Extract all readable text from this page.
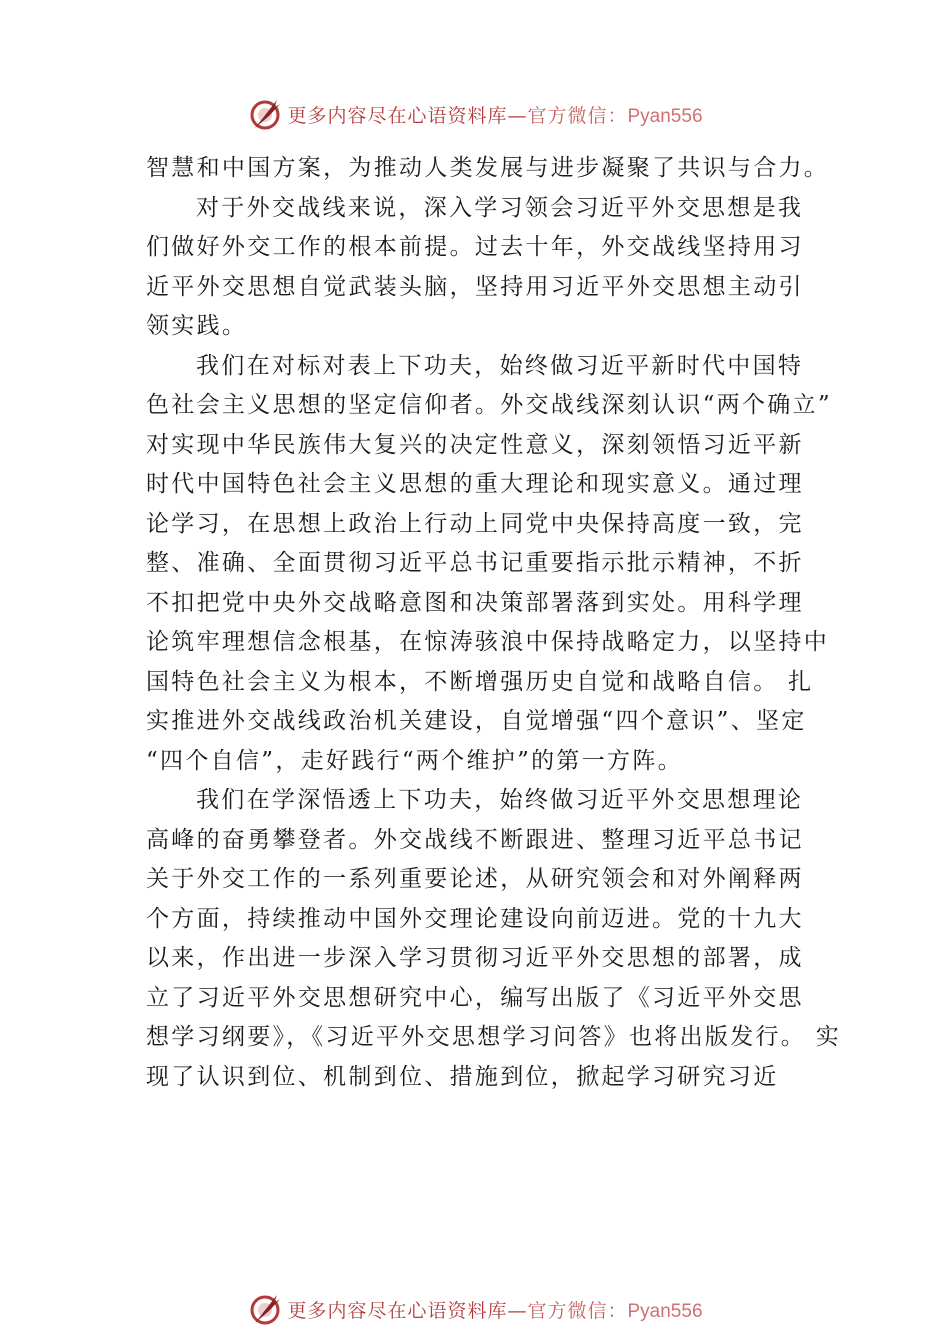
更多内容尽在心语资料库—官方微信：Pyan556
智慧和中国方案，为推动人类发展与进步凝聚了共识与合力。
对于外交战线来说，深入学习领会习近平外交思想是我
们做好外交工作的根本前提。过去十年，外交战线坚持用习
近平外交思想自觉武装头脑，坚持用习近平外交思想主动引
领实践。
我们在对标对表上下功夫，始终做习近平新时代中国特
色社会主义思想的坚定信仰者。外交战线深刻认识“两个确立”
对实现中华民族伟大复兴的决定性意义，深刻领悟习近平新
时代中国特色社会主义思想的重大理论和现实意义。通过理
论学习，在思想上政治上行动上同党中央保持高度一致，完
整、准确、全面贯彻习近平总书记重要指示批示精神，不折
不扣把党中央外交战略意图和决策部署落到实处。用科学理
论筑牢理想信念根基，在惊涛骇浪中保持战略定力，以坚持中
国特色社会主义为根本，不断增强历史自觉和战略自信。 扎
实推进外交战线政治机关建设，自觉增强“四个意识”、坚定
“四个自信”，走好践行“两个维护”的第一方阵。
我们在学深悟透上下功夫，始终做习近平外交思想理论
高峰的奋勇攀登者。外交战线不断跟进、整理习近平总书记
关于外交工作的一系列重要论述，从研究领会和对外阐释两
个方面，持续推动中国外交理论建设向前迈进。党的十九大
以来，作出进一步深入学习贯彻习近平外交思想的部署，成
立了习近平外交思想研究中心，编写出版了《习近平外交思
想学习纲要》，《习近平外交思想学习问答》也将出版发行。 实
现了认识到位、机制到位、措施到位，掀起学习研究习近
更多内容尽在心语资料库—官方微信：Pyan556
